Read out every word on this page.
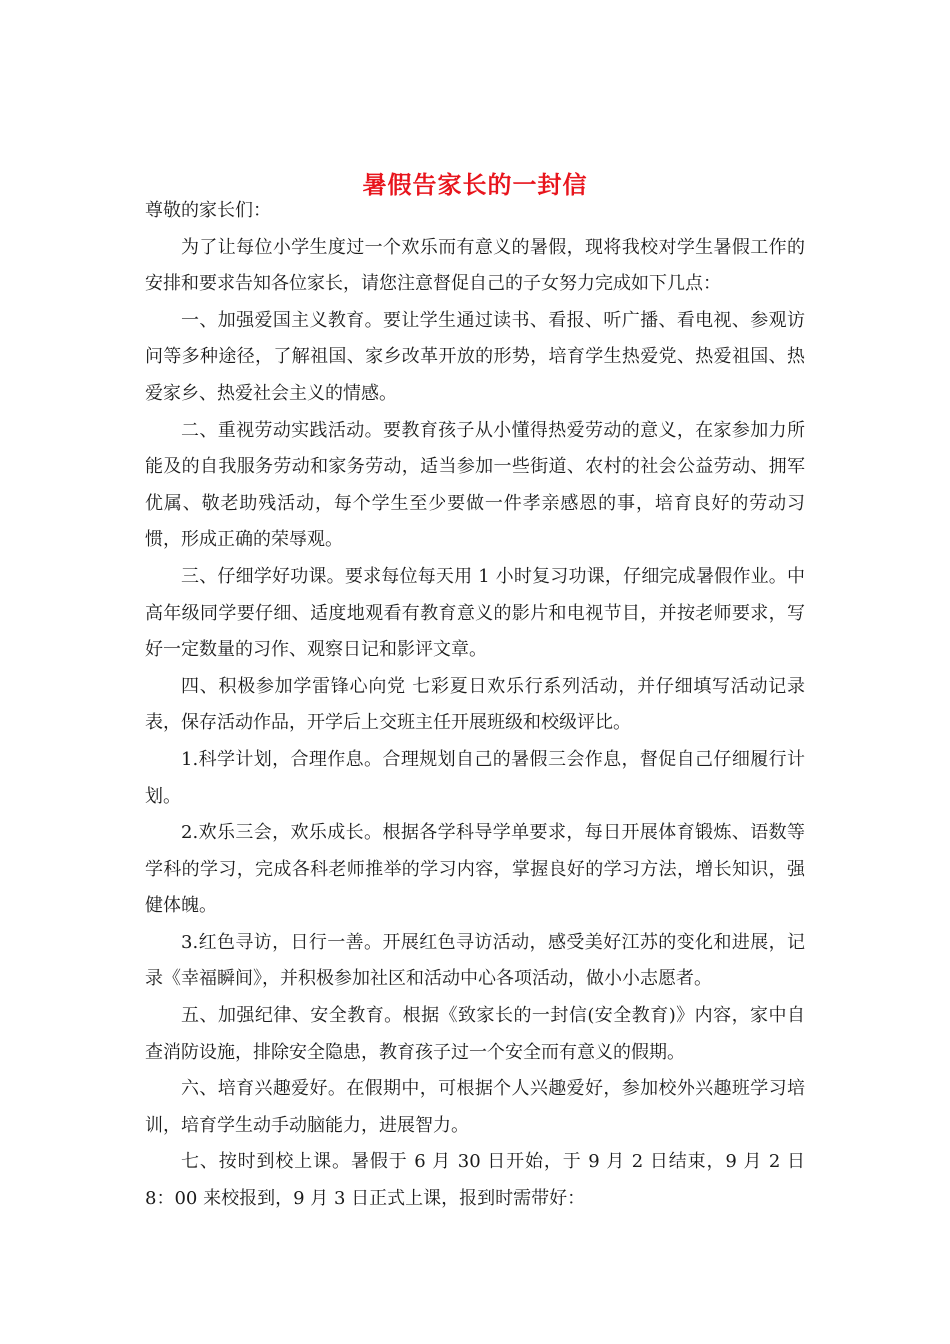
暑假告家长的一封信

尊敬的家长们：

为了让每位小学生度过一个欢乐而有意义的暑假，现将我校对学生暑假工作的安排和要求告知各位家长，请您注意督促自己的子女努力完成如下几点：

一、加强爱国主义教育。要让学生通过读书、看报、听广播、看电视、参观访问等多种途径，了解祖国、家乡改革开放的形势，培育学生热爱党、热爱祖国、热爱家乡、热爱社会主义的情感。

二、重视劳动实践活动。要教育孩子从小懂得热爱劳动的意义，在家参加力所能及的自我服务劳动和家务劳动，适当参加一些街道、农村的社会公益劳动、拥军优属、敬老助残活动，每个学生至少要做一件孝亲感恩的事，培育良好的劳动习惯，形成正确的荣辱观。

三、仔细学好功课。要求每位每天用 1 小时复习功课，仔细完成暑假作业。中高年级同学要仔细、适度地观看有教育意义的影片和电视节目，并按老师要求，写好一定数量的习作、观察日记和影评文章。

四、积极参加学雷锋心向党 七彩夏日欢乐行系列活动，并仔细填写活动记录表，保存活动作品，开学后上交班主任开展班级和校级评比。

1.科学计划，合理作息。合理规划自己的暑假三会作息，督促自己仔细履行计划。

2.欢乐三会，欢乐成长。根据各学科导学单要求，每日开展体育锻炼、语数等学科的学习，完成各科老师推举的学习内容，掌握良好的学习方法，增长知识，强健体魄。

3.红色寻访，日行一善。开展红色寻访活动，感受美好江苏的变化和进展，记录《幸福瞬间》，并积极参加社区和活动中心各项活动，做小小志愿者。

五、加强纪律、安全教育。根据《致家长的一封信(安全教育)》内容，家中自查消防设施，排除安全隐患，教育孩子过一个安全而有意义的假期。

六、培育兴趣爱好。在假期中，可根据个人兴趣爱好，参加校外兴趣班学习培训，培育学生动手动脑能力，进展智力。

七、按时到校上课。暑假于 6 月 30 日开始，于 9 月 2 日结束，9 月 2 日 8：00 来校报到，9 月 3 日正式上课，报到时需带好：
